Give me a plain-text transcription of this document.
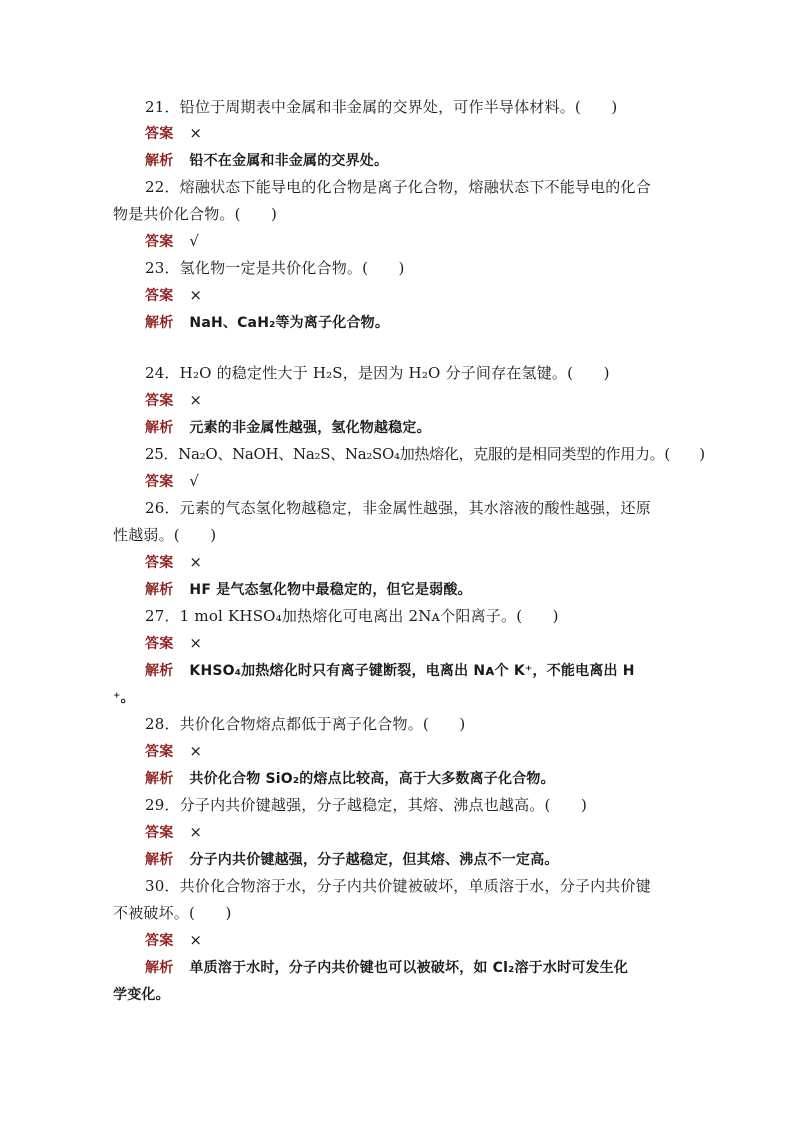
21．铅位于周期表中金属和非金属的交界处，可作半导体材料。(　　)
答案 ×
解析 铅不在金属和非金属的交界处。
22．熔融状态下能导电的化合物是离子化合物，熔融状态下不能导电的化合
物是共价化合物。(　　)
答案 √
23．氢化物一定是共价化合物。(　　)
答案 ×
解析 NaH、CaH₂等为离子化合物。
24．H₂O 的稳定性大于 H₂S，是因为 H₂O 分子间存在氢键。(　　)
答案 ×
解析 元素的非金属性越强，氢化物越稳定。
25．Na₂O、NaOH、Na₂S、Na₂SO₄加热熔化，克服的是相同类型的作用力。(　　)
答案 √
26．元素的气态氢化物越稳定，非金属性越强，其水溶液的酸性越强，还原
性越弱。(　　)
答案 ×
解析 HF 是气态氢化物中最稳定的，但它是弱酸。
27．1 mol KHSO₄加热熔化可电离出 2Nᴀ个阳离子。(　　)
答案 ×
解析 KHSO₄加热熔化时只有离子键断裂，电离出 Nᴀ个 K⁺，不能电离出 H
⁺。
28．共价化合物熔点都低于离子化合物。(　　)
答案 ×
解析 共价化合物 SiO₂的熔点比较高，高于大多数离子化合物。
29．分子内共价键越强，分子越稳定，其熔、沸点也越高。(　　)
答案 ×
解析 分子内共价键越强，分子越稳定，但其熔、沸点不一定高。
30．共价化合物溶于水，分子内共价键被破坏，单质溶于水，分子内共价键
不被破坏。(　　)
答案 ×
解析 单质溶于水时，分子内共价键也可以被破坏，如 Cl₂溶于水时可发生化
学变化。
